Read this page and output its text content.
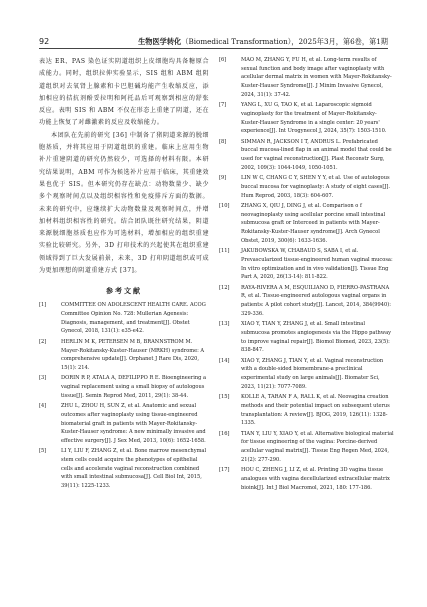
92	生物医学转化（Biomedical Transformation），2025年3月，第6卷，第1期

表达 ER、PAS 染色证实阴道组织上皮细胞均具备糖原合成能力。同时，组织拉伸实验显示，SIS 组和 ABM 组阴道组织对去氧肾上腺素和卡巴胆碱均能产生收缩反应，添加相应的拮抗剂酚妥拉明和阿托品后可观察到相应的舒张反应。表明 SIS 和 ABM 不仅在形态上重建了阴道，还在功能上恢复了对雌激素的反应及收缩能力。

本团队在先前的研究 [36] 中制备了猪阴道来源的脱细胞基质，并将其应用于阴道组织的重建。临床上应用生物补片重建阴道的研究仍然较少，可选择的材料有限。本研究结果说明，ABM 可作为候选补片应用于临床，其重建效果也优于 SIS。但本研究仍存在缺点：动物数量少、缺少多个观察时间点以及组织相容性和免疫排斥方面的数据。未来的研究中，应继续扩大动物数量及观察时间点，并增加材料组织相容性的研究。结合团队既往研究结果，阴道来源脱细胞基质也应作为可选材料，增加相应的组织重建实验比较研究。另外，3D 打印技术的兴起使其在组织重建领域得到了巨大发展前景，未来，3D 打印阴道组织或可成为更加理想的阴道重建方式 [37]。

参考文献
[1]	COMMITTEE ON ADOLESCENT HEALTH CARE. ACOG Committee Opinion No. 728: Mullerian Agenesis: Diagnosis, management, and treatment[J]. Obstet Gynecol, 2018, 131(1): e35-e42.
[2]	HERLIN M K, PETERSEN M B, BRANNSTROM M. Mayer-Rokitansky-Kuster-Hauser (MRKH) syndrome: A comprehensive update[J]. Orphanet J Rare Dis, 2020, 15(1): 214.
[3]	DORIN R P, ATALA A, DEFILIPPO R E. Bioengineering a vaginal replacement using a small biopsy of autologous tissue[J]. Semin Reprod Med, 2011, 29(1): 38-44.
[4]	ZHU L, ZHOU H, SUN Z, et al. Anatomic and sexual outcomes after vaginoplasty using tissue-engineered biomaterial graft in patients with Mayer-Rokitansky-Kuster-Hauser syndrome: A new minimally invasive and effective surgery[J]. J Sex Med, 2013, 10(6): 1652-1658.
[5]	LI Y, LIU F, ZHANG Z, et al. Bone marrow mesenchymal stem cells could acquire the phenotypes of epithelial cells and accelerate vaginal reconstruction combined with small intestinal submucosa[J]. Cell Biol Int, 2015, 39(11): 1225-1233.
[6]	MAO M, ZHANG Y, FU H, et al. Long-term results of sexual function and body image after vaginoplasty with acellular dermal matrix in women with Mayer-Rokitansky-Kuster-Hauser Syndrome[J]. J Minim Invasive Gynecol, 2024, 31(1): 37-42.
[7]	YANG L, XU G, TAO K, et al. Laparoscopic sigmoid vaginoplasty for the treatment of Mayer-Rokitansky-Kuster-Hauser Syndrome in a single center: 20 years' experience[J]. Int Urogynecol J, 2024, 35(7): 1503-1510.
[8]	SIMMAN R, JACKSON I T, ANDRUS L. Prefabricated buccal mucosa-lined flap in an animal model that could be used for vaginal reconstruction[J]. Plast Reconstr Surg, 2002, 109(3): 1044-1049, 1050-1051.
[9]	LIN W C, CHANG C Y, SHEN Y Y, et al. Use of autologous buccal mucosa for vaginoplasty: A study of eight cases[J]. Hum Reprod, 2003, 18(3): 604-607.
[10] ZHANG X, QIU J, DING J, et al. Comparison o f neovaginoplasty using acellular porcine small intestinal submucosa graft or Interceed in patients with Mayer-Rokitansky-Kuster-Hauser syndrome[J]. Arch Gynecol Obstet, 2019, 300(6): 1633-1636.
[11] JAKUBOWSKA W, CHABAUD S, SABA I, et al. Prevascularized tissue-engineered human vaginal mucosa: In vitro optimization and in vivo validation[J]. Tissue Eng Part A, 2020, 26(13-14): 811-822.
[12] RAYA-RIVERA A M, ESQUILIANO D, FIERRO-PASTRANA R, et al. Tissue-engineered autologous vaginal organs in patients: A pilot cohort study[J]. Lancet, 2014, 384(9940): 329-336.
[13] XIAO Y, TIAN Y, ZHANG J, et al. Small intestinal submucosa promotes angiogenesis via the Hippo pathway to improve vaginal repair[J]. Biomol Biomed, 2023, 23(5): 838-847.
[14] XIAO Y, ZHANG J, TIAN Y, et al. Vaginal reconstruction with a double-sided biomembrane-a preclinical experimental study on large animals[J]. Biomater Sci, 2023, 11(21): 7077-7089.
[15] KOLLE A, TARAN F A, RALL K, et al. Neovagina creation methods and their potential impact on subsequent uterus transplantation: A review[J]. BJOG, 2019, 126(11): 1328-1335.
[16] TIAN Y, LIU Y, XIAO Y, et al. Alternative biological material for tissue engineering of the vagina: Porcine-derived acellular vaginal matrix[J]. Tissue Eng Regen Med, 2024, 21(2): 277-290.
[17] HOU C, ZHENG J, LI Z, et al. Printing 3D vagina tissue analogues with vagina decellularized extracellular matrix bioink[J]. Int J Biol Macromol, 2021, 180: 177-186.
